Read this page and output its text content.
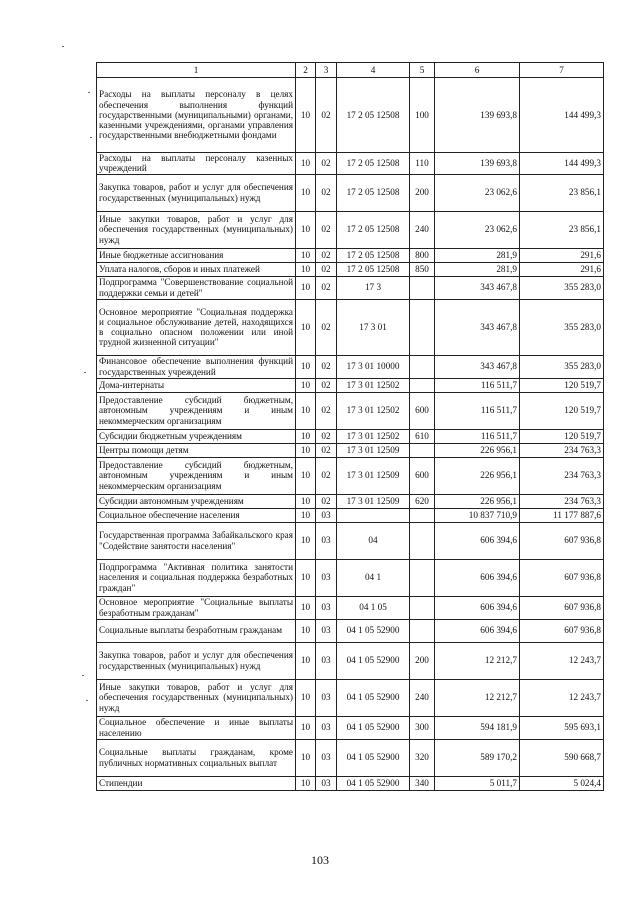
1	2	3	4	5	6	7
Расходы на выплаты персоналу в целях обеспечения выполнения функций государственными (муниципальными) органами, казенными учреждениями, органами управления государственными внебюджетными фондами	10	02	17 2 05 12508	100	139 693,8	144 499,3
Расходы на выплаты персоналу казенных учреждений	10	02	17 2 05 12508	110	139 693,8	144 499,3
Закупка товаров, работ и услуг для обеспечения государственных (муниципальных) нужд	10	02	17 2 05 12508	200	23 062,6	23 856,1
Иные закупки товаров, работ и услуг для обеспечения государственных (муниципальных) нужд	10	02	17 2 05 12508	240	23 062,6	23 856,1
Иные бюджетные ассигнования	10	02	17 2 05 12508	800	281,9	291,6
Уплата налогов, сборов и иных платежей	10	02	17 2 05 12508	850	281,9	291,6
Подпрограмма "Совершенствование социальной поддержки семьи и детей"	10	02	17 3		343 467,8	355 283,0
Основное мероприятие "Социальная поддержка и социальное обслуживание детей, находящихся в социально опасном положении или иной трудной жизненной ситуации"	10	02	17 3 01		343 467,8	355 283,0
Финансовое обеспечение выполнения функций государственных учреждений	10	02	17 3 01 10000		343 467,8	355 283,0
Дома-интернаты	10	02	17 3 01 12502		116 511,7	120 519,7
Предоставление субсидий бюджетным, автономным учреждениям и иным некоммерческим организациям	10	02	17 3 01 12502	600	116 511,7	120 519,7
Субсидии бюджетным учреждениям	10	02	17 3 01 12502	610	116 511,7	120 519,7
Центры помощи детям	10	02	17 3 01 12509		226 956,1	234 763,3
Предоставление субсидий бюджетным, автономным учреждениям и иным некоммерческим организациям	10	02	17 3 01 12509	600	226 956,1	234 763,3
Субсидии автономным учреждениям	10	02	17 3 01 12509	620	226 956,1	234 763,3
Социальное обеспечение населения	10	03			10 837 710,9	11 177 887,6
Государственная программа Забайкальского края "Содействие занятости населения"	10	03	04		606 394,6	607 936,8
Подпрограмма "Активная политика занятости населения и социальная поддержка безработных граждан"	10	03	04 1		606 394,6	607 936,8
Основное мероприятие "Социальные выплаты безработным гражданам"	10	03	04 1 05		606 394,6	607 936,8
Социальные выплаты безработным гражданам	10	03	04 1 05 52900		606 394,6	607 936,8
Закупка товаров, работ и услуг для обеспечения государственных (муниципальных) нужд	10	03	04 1 05 52900	200	12 212,7	12 243,7
Иные закупки товаров, работ и услуг для обеспечения государственных (муниципальных) нужд	10	03	04 1 05 52900	240	12 212,7	12 243,7
Социальное обеспечение и иные выплаты населению	10	03	04 1 05 52900	300	594 181,9	595 693,1
Социальные выплаты гражданам, кроме публичных нормативных социальных выплат	10	03	04 1 05 52900	320	589 170,2	590 668,7
Стипендии	10	03	04 1 05 52900	340	5 011,7	5 024,4
103
